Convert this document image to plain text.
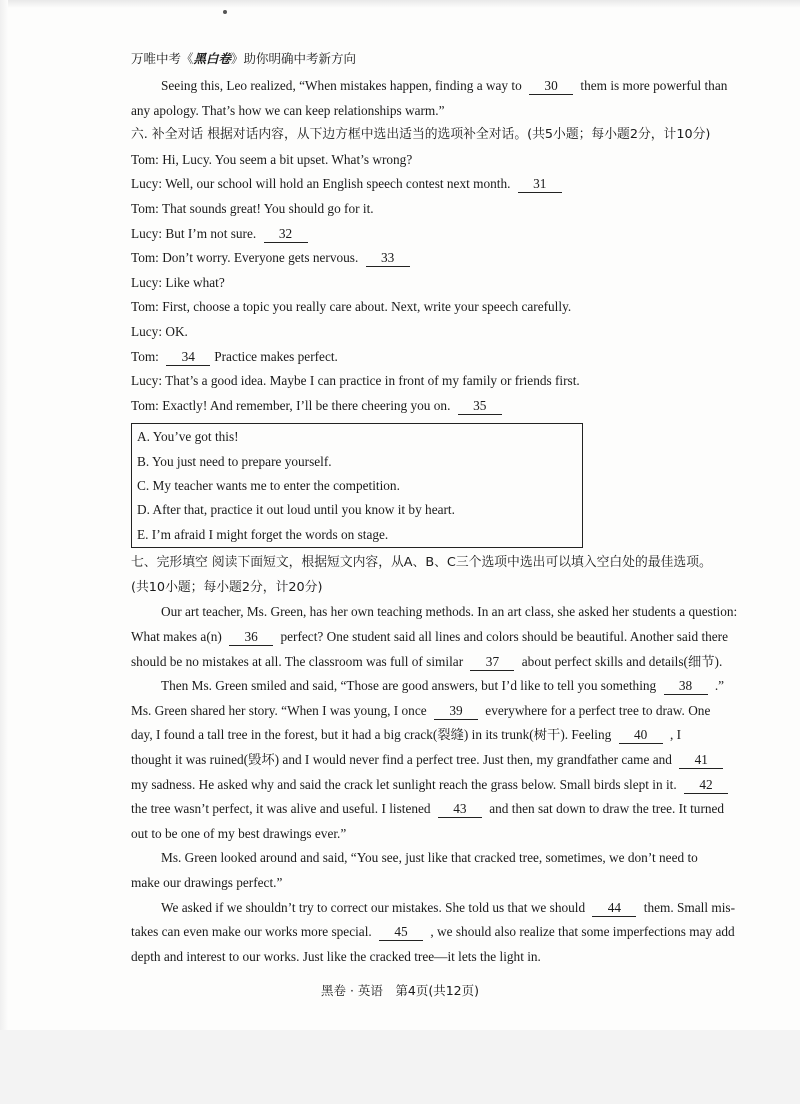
万唯中考《黑白卷》助你明确中考新方向
Seeing this, Leo realized, “When mistakes happen, finding a way to 30 them is more powerful than
any apology. That’s how we can keep relationships warm.”
六. 补全对话 根据对话内容，从下边方框中选出适当的选项补全对话。(共5小题；每小题2分，计10分)
Tom: Hi, Lucy. You seem a bit upset. What’s wrong?
Lucy: Well, our school will hold an English speech contest next month. 31
Tom: That sounds great! You should go for it.
Lucy: But I’m not sure. 32
Tom: Don’t worry. Everyone gets nervous. 33
Lucy: Like what?
Tom: First, choose a topic you really care about. Next, write your speech carefully.
Lucy: OK.
Tom: 34 Practice makes perfect.
Lucy: That’s a good idea. Maybe I can practice in front of my family or friends first.
Tom: Exactly! And remember, I’ll be there cheering you on. 35
A. You’ve got this!
B. You just need to prepare yourself.
C. My teacher wants me to enter the competition.
D. After that, practice it out loud until you know it by heart.
E. I’m afraid I might forget the words on stage.
七、完形填空 阅读下面短文，根据短文内容，从A、B、C三个选项中选出可以填入空白处的最佳选项。
(共10小题；每小题2分，计20分)
Our art teacher, Ms. Green, has her own teaching methods. In an art class, she asked her students a question:
What makes a(n) 36 perfect? One student said all lines and colors should be beautiful. Another said there
should be no mistakes at all. The classroom was full of similar 37 about perfect skills and details(细节).
Then Ms. Green smiled and said, “Those are good answers, but I’d like to tell you something 38 .”
Ms. Green shared her story. “When I was young, I once 39 everywhere for a perfect tree to draw. One
day, I found a tall tree in the forest, but it had a big crack(裂缝) in its trunk(树干). Feeling 40 , I
thought it was ruined(毁坏) and I would never find a perfect tree. Just then, my grandfather came and 41
my sadness. He asked why and said the crack let sunlight reach the grass below. Small birds slept in it. 42
the tree wasn’t perfect, it was alive and useful. I listened 43 and then sat down to draw the tree. It turned
out to be one of my best drawings ever.”
Ms. Green looked around and said, “You see, just like that cracked tree, sometimes, we don’t need to
make our drawings perfect.”
We asked if we shouldn’t try to correct our mistakes. She told us that we should 44 them. Small mis-
takes can even make our works more special. 45 , we should also realize that some imperfections may add
depth and interest to our works. Just like the cracked tree—it lets the light in.
黑卷 · 英语　第4页(共12页)
